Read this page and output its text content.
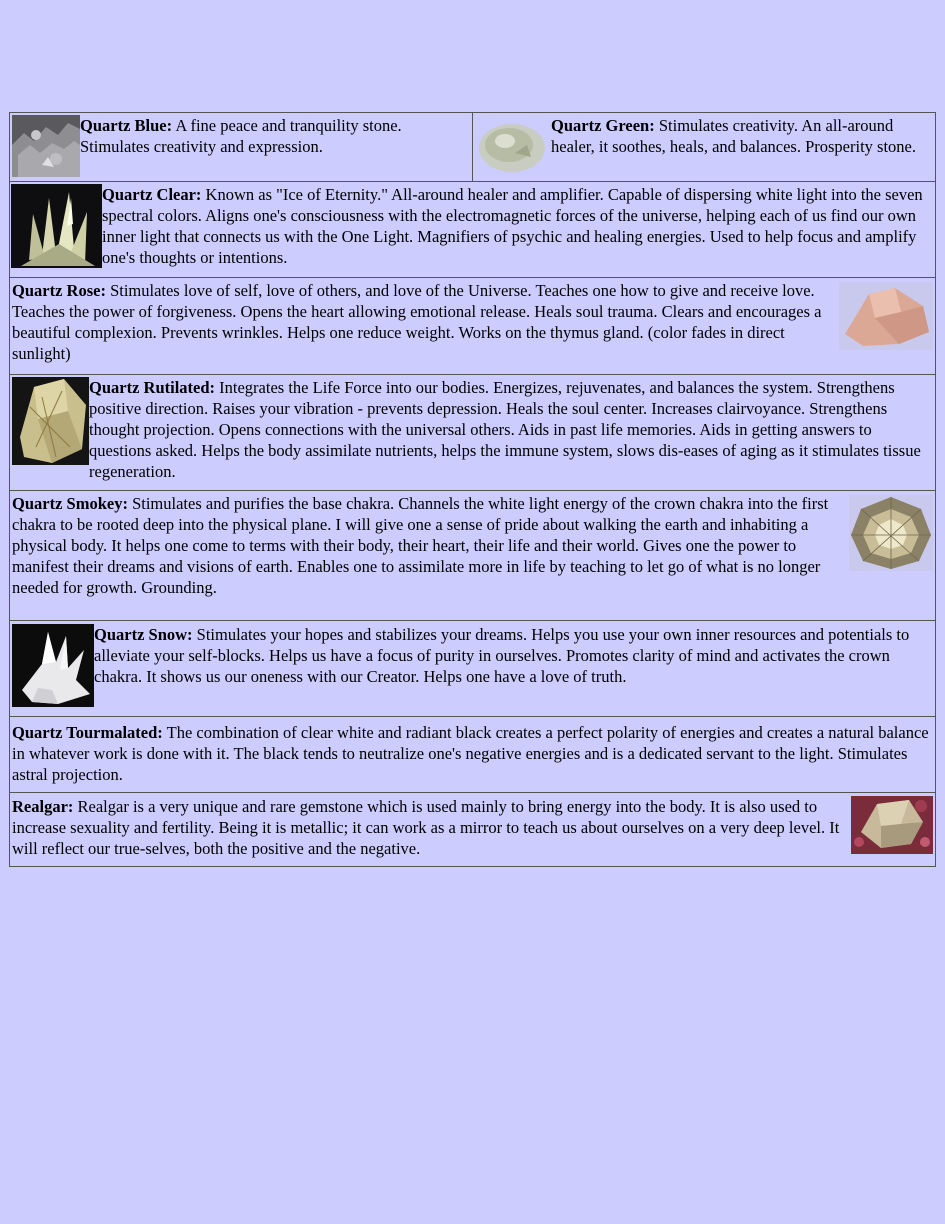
Quartz Blue: A fine peace and tranquility stone. Stimulates creativity and expression.
Quartz Green: Stimulates creativity. An all-around healer, it soothes, heals, and balances. Prosperity stone.
Quartz Clear: Known as "Ice of Eternity." All-around healer and amplifier. Capable of dispersing white light into the seven spectral colors. Aligns one's consciousness with the electromagnetic forces of the universe, helping each of us find our own inner light that connects us with the One Light. Magnifiers of psychic and healing energies. Used to help focus and amplify one's thoughts or intentions.
Quartz Rose: Stimulates love of self, love of others, and love of the Universe. Teaches one how to give and receive love. Teaches the power of forgiveness. Opens the heart allowing emotional release. Heals soul trauma. Clears and encourages a beautiful complexion. Prevents wrinkles. Helps one reduce weight. Works on the thymus gland. (color fades in direct sunlight)
Quartz Rutilated: Integrates the Life Force into our bodies. Energizes, rejuvenates, and balances the system. Strengthens positive direction. Raises your vibration - prevents depression. Heals the soul center. Increases clairvoyance. Strengthens thought projection. Opens connections with the universal others. Aids in past life memories. Aids in getting answers to questions asked. Helps the body assimilate nutrients, helps the immune system, slows dis-eases of aging as it stimulates tissue regeneration.
Quartz Smokey: Stimulates and purifies the base chakra. Channels the white light energy of the crown chakra into the first chakra to be rooted deep into the physical plane. I will give one a sense of pride about walking the earth and inhabiting a physical body. It helps one come to terms with their body, their heart, their life and their world. Gives one the power to manifest their dreams and visions of earth. Enables one to assimilate more in life by teaching to let go of what is no longer needed for growth. Grounding.
Quartz Snow: Stimulates your hopes and stabilizes your dreams. Helps you use your own inner resources and potentials to alleviate your self-blocks. Helps us have a focus of purity in ourselves. Promotes clarity of mind and activates the crown chakra. It shows us our oneness with our Creator. Helps one have a love of truth.
Quartz Tourmalated: The combination of clear white and radiant black creates a perfect polarity of energies and creates a natural balance in whatever work is done with it. The black tends to neutralize one's negative energies and is a dedicated servant to the light. Stimulates astral projection.
Realgar: Realgar is a very unique and rare gemstone which is used mainly to bring energy into the body. It is also used to increase sexuality and fertility. Being it is metallic; it can work as a mirror to teach us about ourselves on a very deep level. It will reflect our true-selves, both the positive and the negative.
